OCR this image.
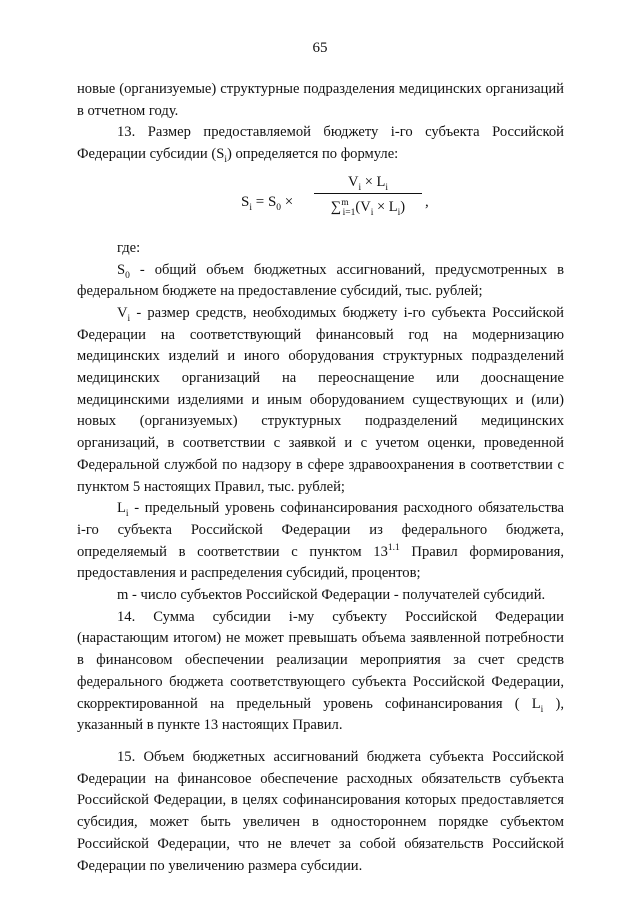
65

новые (организуемые) структурные подразделения медицинских организаций в отчетном году.

13. Размер предоставляемой бюджету i-го субъекта Российской Федерации субсидии $(S_i)$ определяется по формуле:

$S_i = S_0$ ×
$V_i \times L_i$
$\sum^m_{i=1}(V_i \times L_i)$	,

где:

$S_0$ - общий объем бюджетных ассигнований, предусмотренных в федеральном бюджете на предоставление субсидий, тыс. рублей;

$V_i$ - размер средств, необходимых бюджету i-го субъекта Российской Федерации на соответствующий финансовый год на модернизацию медицинских изделий и иного оборудования структурных подразделений медицинских организаций на переоснащение или дооснащение медицинскими изделиями и иным оборудованием существующих и (или) новых (организуемых) структурных подразделений медицинских организаций, в соответствии с заявкой и с учетом оценки, проведенной Федеральной службой по надзору в сфере здравоохранения в соответствии с пунктом 5 настоящих Правил, тыс. рублей;

$L_i$ - предельный уровень софинансирования расходного обязательства i-го субъекта Российской Федерации из федерального бюджета, определяемый в соответствии с пунктом $13^{1.1}$ Правил формирования, предоставления и распределения субсидий, процентов;

m - число субъектов Российской Федерации - получателей субсидий.

14. Сумма субсидии i-му субъекту Российской Федерации (нарастающим итогом) не может превышать объема заявленной потребности в финансовом обеспечении реализации мероприятия за счет средств федерального бюджета соответствующего субъекта Российской Федерации, скорректированной на предельный уровень софинансирования ( $L_i$ ), указанный в пункте 13 настоящих Правил.

15. Объем бюджетных ассигнований бюджета субъекта Российской Федерации на финансовое обеспечение расходных обязательств субъекта Российской Федерации, в целях софинансирования которых предоставляется субсидия, может быть увеличен в одностороннем порядке субъектом Российской Федерации, что не влечет за собой обязательств Российской Федерации по увеличению размера субсидии.
